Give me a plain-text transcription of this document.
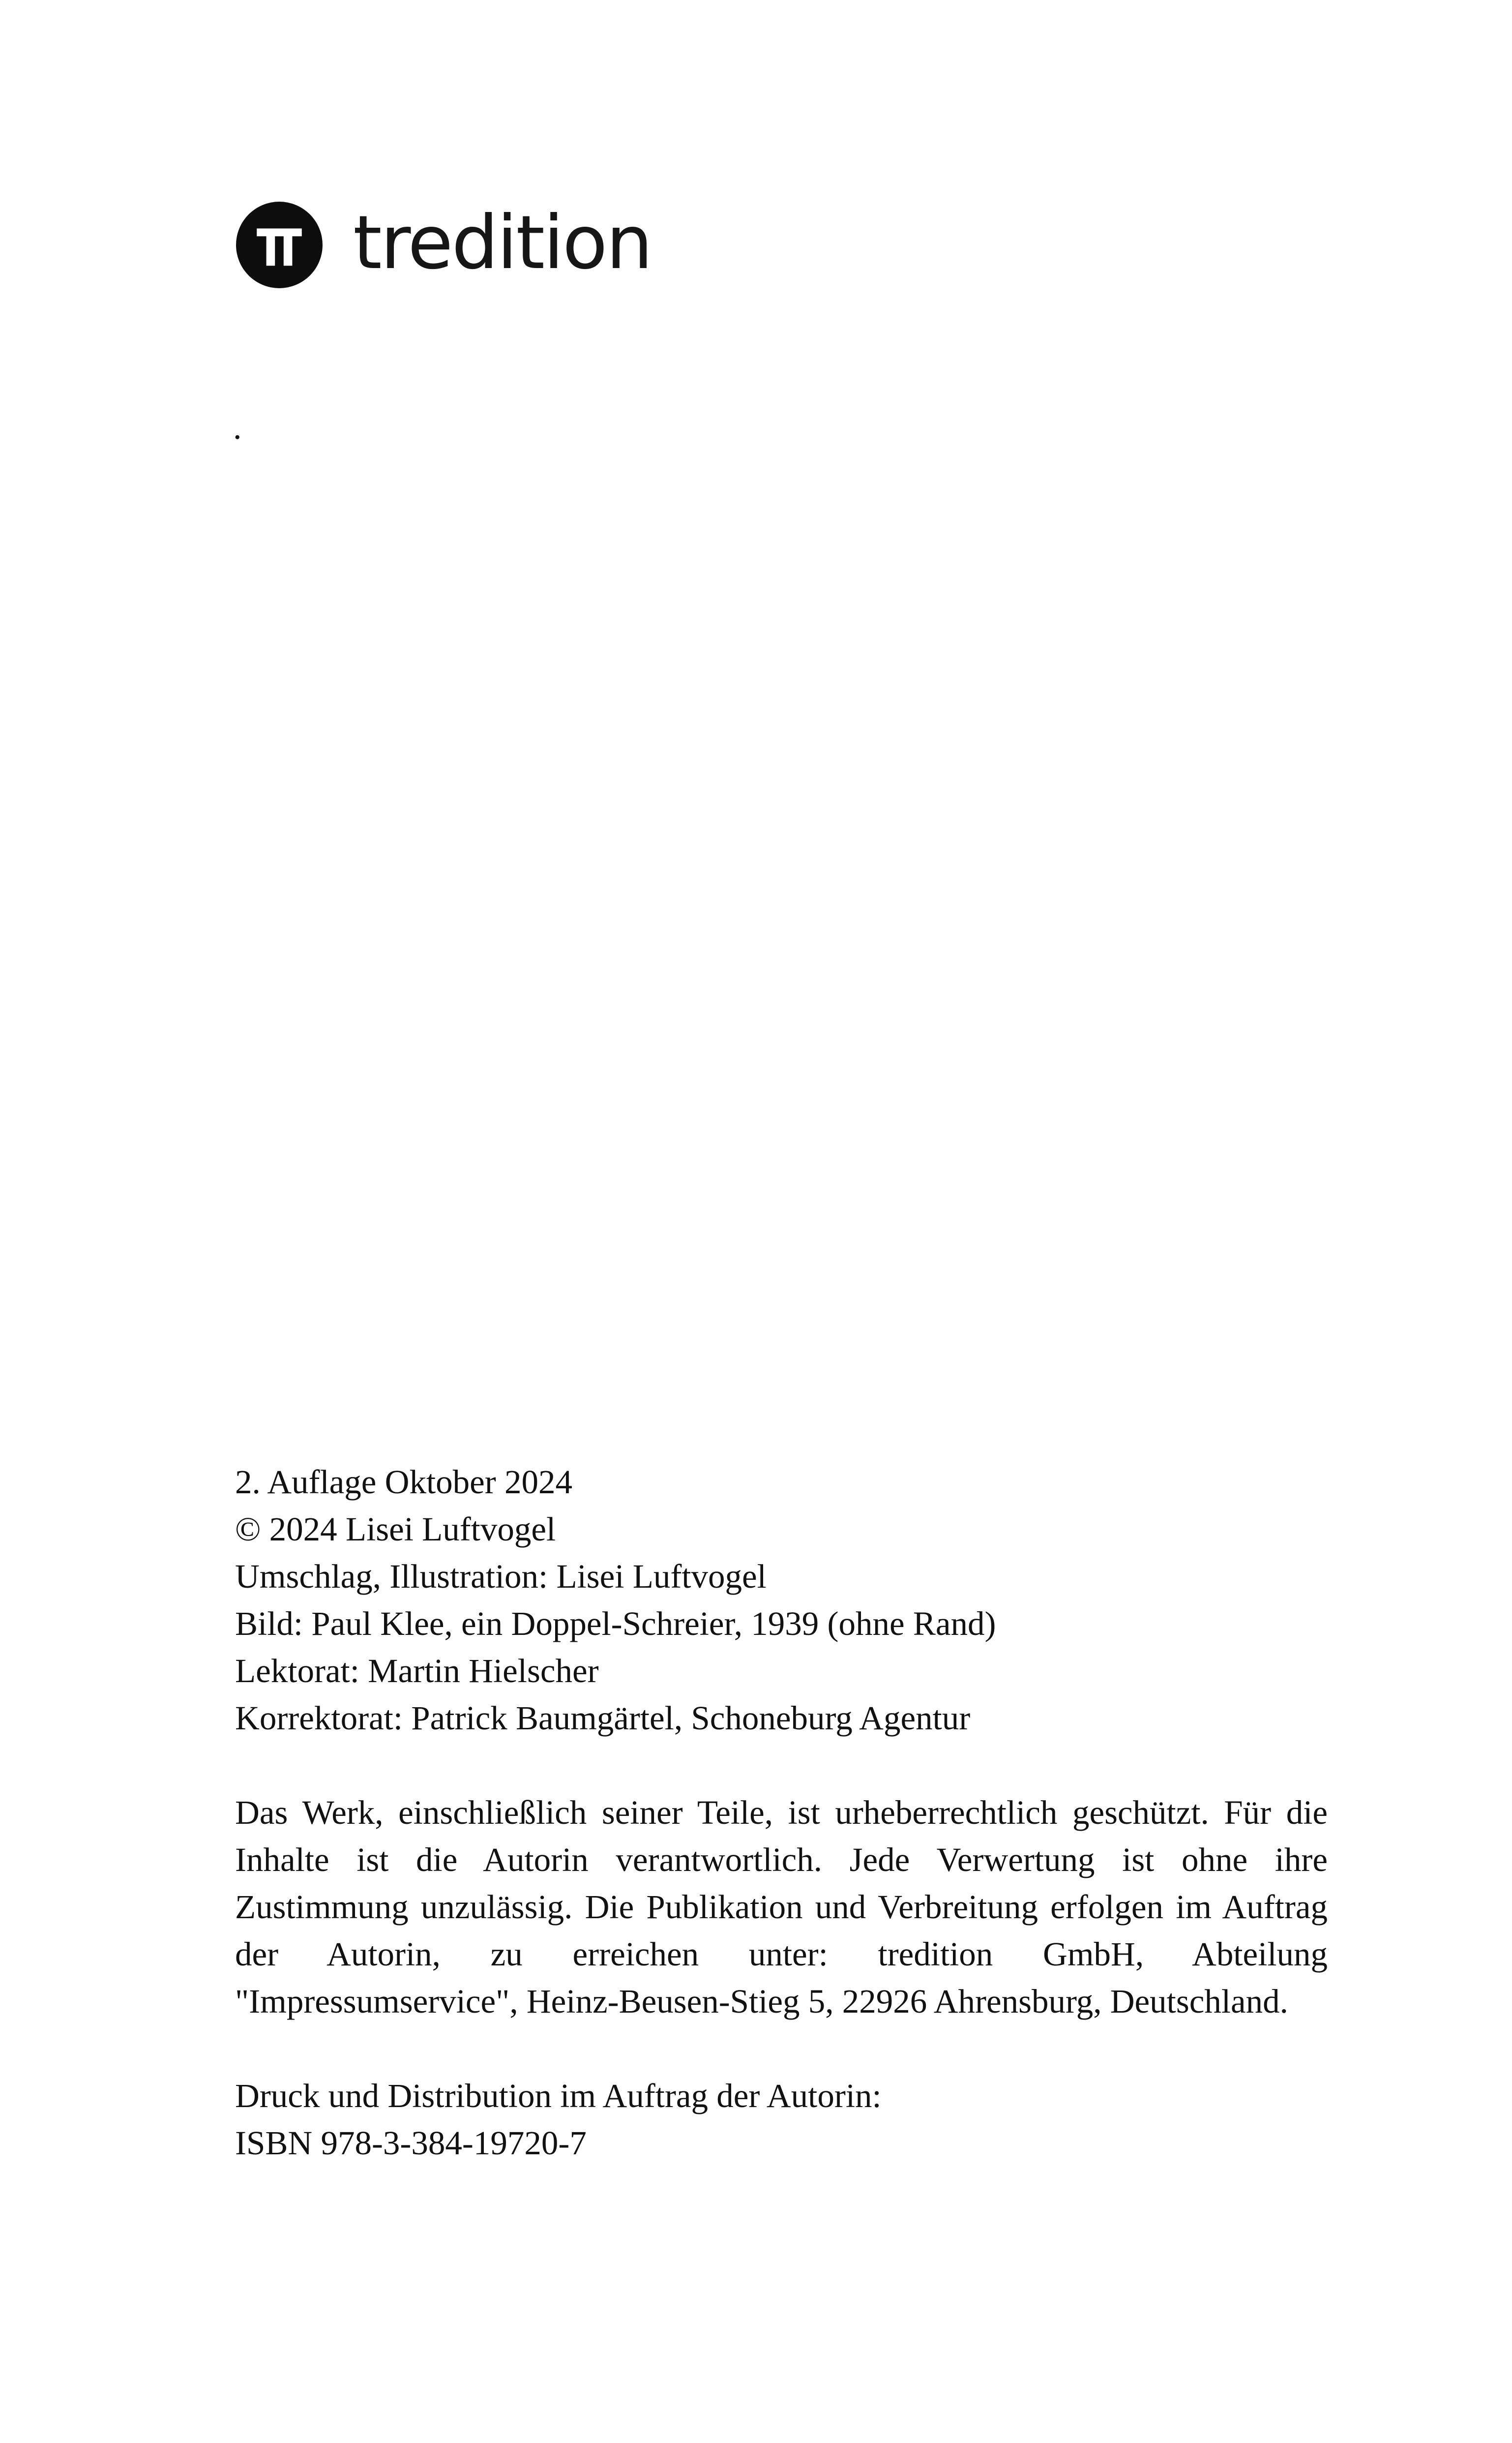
tredition
.
2. Auflage Oktober 2024
© 2024 Lisei Luftvogel
Umschlag, Illustration: Lisei Luftvogel
Bild: Paul Klee, ein Doppel-Schreier, 1939 (ohne Rand)
Lektorat: Martin Hielscher
Korrektorat: Patrick Baumgärtel, Schoneburg Agentur
Das Werk, einschließlich seiner Teile, ist urheberrechtlich geschützt. Für die Inhalte ist die Autorin verantwortlich. Jede Verwertung ist ohne ihre Zustimmung unzulässig. Die Publikation und Verbreitung erfolgen im Auftrag der Autorin, zu erreichen unter: tredition GmbH, Abteilung "Impressumservice", Heinz-Beusen-Stieg 5, 22926 Ahrensburg, Deutschland.
Druck und Distribution im Auftrag der Autorin:
ISBN 978-3-384-19720-7
